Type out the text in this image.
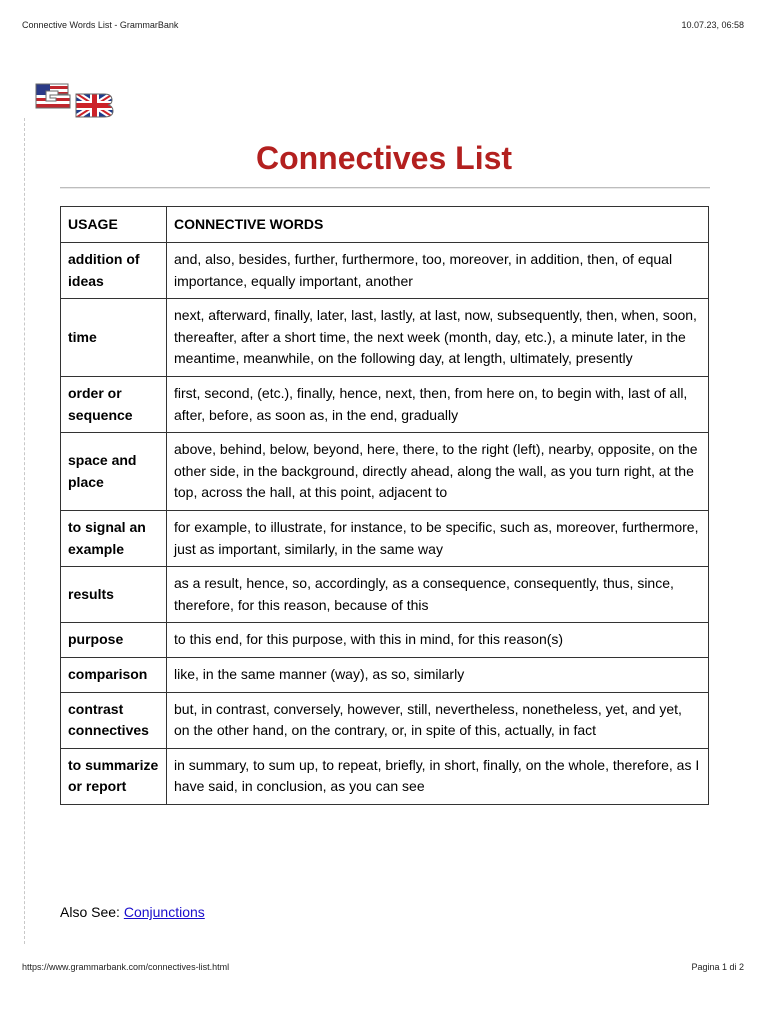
Connective Words List - GrammarBank	10.07.23, 06:58
Connectives List
USAGE	CONNECTIVE WORDS
addition of ideas	and, also, besides, further, furthermore, too, moreover, in addition, then, of equal importance, equally important, another
time	next, afterward, finally, later, last, lastly, at last, now, subsequently, then, when, soon, thereafter, after a short time, the next week (month, day, etc.), a minute later, in the meantime, meanwhile, on the following day, at length, ultimately, presently
order or sequence	first, second, (etc.), finally, hence, next, then, from here on, to begin with, last of all, after, before, as soon as, in the end, gradually
space and place	above, behind, below, beyond, here, there, to the right (left), nearby, opposite, on the other side, in the background, directly ahead, along the wall, as you turn right, at the top, across the hall, at this point, adjacent to
to signal an example	for example, to illustrate, for instance, to be specific, such as, moreover, furthermore, just as important, similarly, in the same way
results	as a result, hence, so, accordingly, as a consequence, consequently, thus, since, therefore, for this reason, because of this
purpose	to this end, for this purpose, with this in mind, for this reason(s)
comparison	like, in the same manner (way), as so, similarly
contrast connectives	but, in contrast, conversely, however, still, nevertheless, nonetheless, yet, and yet, on the other hand, on the contrary, or, in spite of this, actually, in fact
to summarize or report	in summary, to sum up, to repeat, briefly, in short, finally, on the whole, therefore, as I have said, in conclusion, as you can see
Also See: Conjunctions
https://www.grammarbank.com/connectives-list.html	Pagina 1 di 2
